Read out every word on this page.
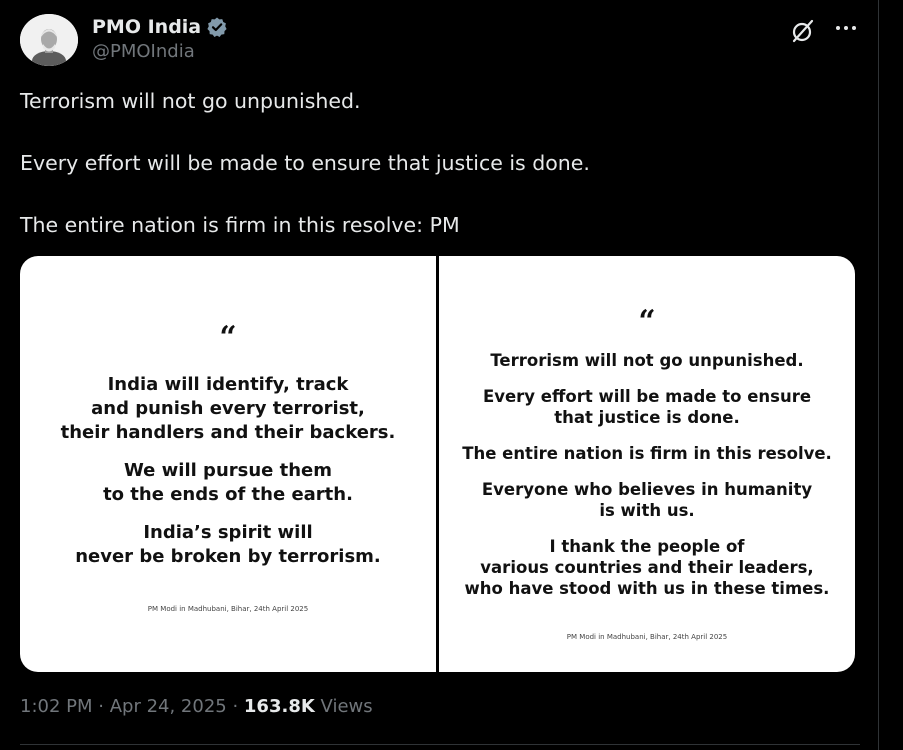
PMO India
@PMOIndia

Terrorism will not go unpunished.

Every effort will be made to ensure that justice is done.

The entire nation is firm in this resolve: PM

“

India will identify, track
and punish every terrorist,
their handlers and their backers.

We will pursue them
to the ends of the earth.

India’s spirit will
never be broken by terrorism.

PM Modi in Madhubani, Bihar, 24th April 2025
“

Terrorism will not go unpunished.

Every effort will be made to ensure
that justice is done.

The entire nation is firm in this resolve.

Everyone who believes in humanity
is with us.

I thank the people of
various countries and their leaders,
who have stood with us in these times.

PM Modi in Madhubani, Bihar, 24th April 2025
1:02 PM · Apr 24, 2025 · 163.8K Views
